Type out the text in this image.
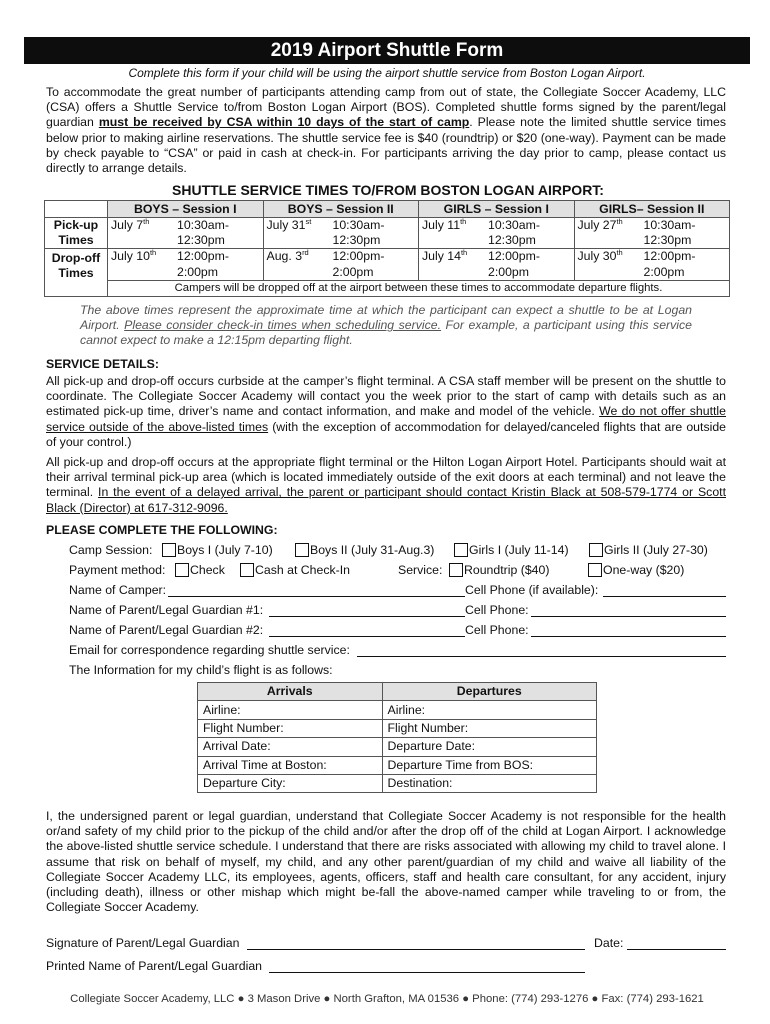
2019 Airport Shuttle Form
Complete this form if your child will be using the airport shuttle service from Boston Logan Airport.
To accommodate the great number of participants attending camp from out of state, the Collegiate Soccer Academy, LLC (CSA) offers a Shuttle Service to/from Boston Logan Airport (BOS). Completed shuttle forms signed by the parent/legal guardian must be received by CSA within 10 days of the start of camp. Please note the limited shuttle service times below prior to making airline reservations. The shuttle service fee is $40 (roundtrip) or $20 (one-way). Payment can be made by check payable to “CSA” or paid in cash at check-in. For participants arriving the day prior to camp, please contact us directly to arrange details.
SHUTTLE SERVICE TIMES TO/FROM BOSTON LOGAN AIRPORT:
	BOYS – Session I	BOYS – Session II	GIRLS – Session I	GIRLS– Session II
Pick-up Times	July 7th 10:30am-12:30pm	July 31st 10:30am-12:30pm	July 11th 10:30am-12:30pm	July 27th 10:30am-12:30pm

Drop-off Times	July 10th 12:00pm-2:00pm	Aug. 3rd 12:00pm-2:00pm	July 14th 12:00pm-2:00pm	July 30th 12:00pm-2:00pm

	Campers will be dropped off at the airport between these times to accommodate departure flights.			
The above times represent the approximate time at which the participant can expect a shuttle to be at Logan Airport. Please consider check-in times when scheduling service. For example, a participant using this service cannot expect to make a 12:15pm departing flight.
SERVICE DETAILS:
All pick-up and drop-off occurs curbside at the camper’s flight terminal. A CSA staff member will be present on the shuttle to coordinate. The Collegiate Soccer Academy will contact you the week prior to the start of camp with details such as an estimated pick-up time, driver’s name and contact information, and make and model of the vehicle. We do not offer shuttle service outside of the above-listed times (with the exception of accommodation for delayed/canceled flights that are outside of your control.)
All pick-up and drop-off occurs at the appropriate flight terminal or the Hilton Logan Airport Hotel. Participants should wait at their arrival terminal pick-up area (which is located immediately outside of the exit doors at each terminal) and not leave the terminal. In the event of a delayed arrival, the parent or participant should contact Kristin Black at 508-579-1774 or Scott Black (Director) at 617-312-9096.
PLEASE COMPLETE THE FOLLOWING:
Camp Session:	Boys I (July 7-10)	Boys II (July 31-Aug.3)	Girls I (July 11-14)	Girls II (July 27-30)
Payment method:	Check	Cash at Check-In	Service:	Roundtrip ($40)	One-way ($20)
Name of Camper:	Cell Phone (if available):
Name of Parent/Legal Guardian #1:	Cell Phone:
Name of Parent/Legal Guardian #2:	Cell Phone:
Email for correspondence regarding shuttle service:
The Information for my child’s flight is as follows:
Arrivals	Departures
Airline:	Airline:
Flight Number:	Flight Number:
Arrival Date:	Departure Date:
Arrival Time at Boston:	Departure Time from BOS:
Departure City:	Destination:
I, the undersigned parent or legal guardian, understand that Collegiate Soccer Academy is not responsible for the health or/and safety of my child prior to the pickup of the child and/or after the drop off of the child at Logan Airport. I acknowledge the above-listed shuttle service schedule. I understand that there are risks associated with allowing my child to travel alone. I assume that risk on behalf of myself, my child, and any other parent/guardian of my child and waive all liability of the Collegiate Soccer Academy LLC, its employees, agents, officers, staff and health care consultant, for any accident, injury (including death), illness or other mishap which might be-fall the above-named camper while traveling to or from, the Collegiate Soccer Academy.
Signature of Parent/Legal Guardian	Date:
Printed Name of Parent/Legal Guardian
Collegiate Soccer Academy, LLC ● 3 Mason Drive ● North Grafton, MA 01536 ● Phone: (774) 293-1276 ● Fax: (774) 293-1621
